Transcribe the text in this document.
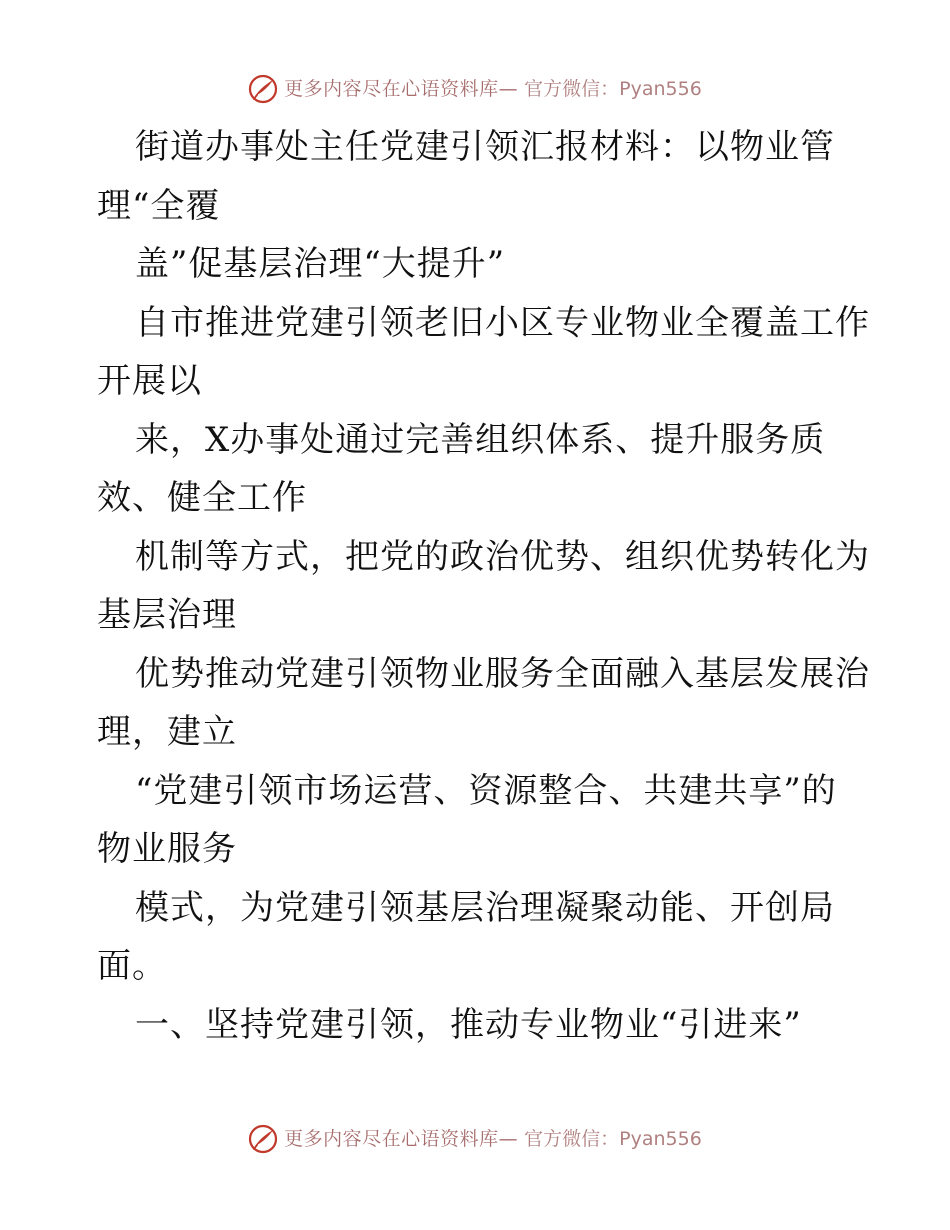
更多内容尽在心语资料库— 官方微信：Pyan556
街道办事处主任党建引领汇报材料：以物业管
理“全覆
盖”促基层治理“大提升”
自市推进党建引领老旧小区专业物业全覆盖工作
开展以
来，X办事处通过完善组织体系、提升服务质
效、健全工作
机制等方式，把党的政治优势、组织优势转化为
基层治理
优势推动党建引领物业服务全面融入基层发展治
理，建立
“党建引领市场运营、资源整合、共建共享”的
物业服务
模式，为党建引领基层治理凝聚动能、开创局
面。
一、坚持党建引领，推动专业物业“引进来”
更多内容尽在心语资料库— 官方微信：Pyan556
